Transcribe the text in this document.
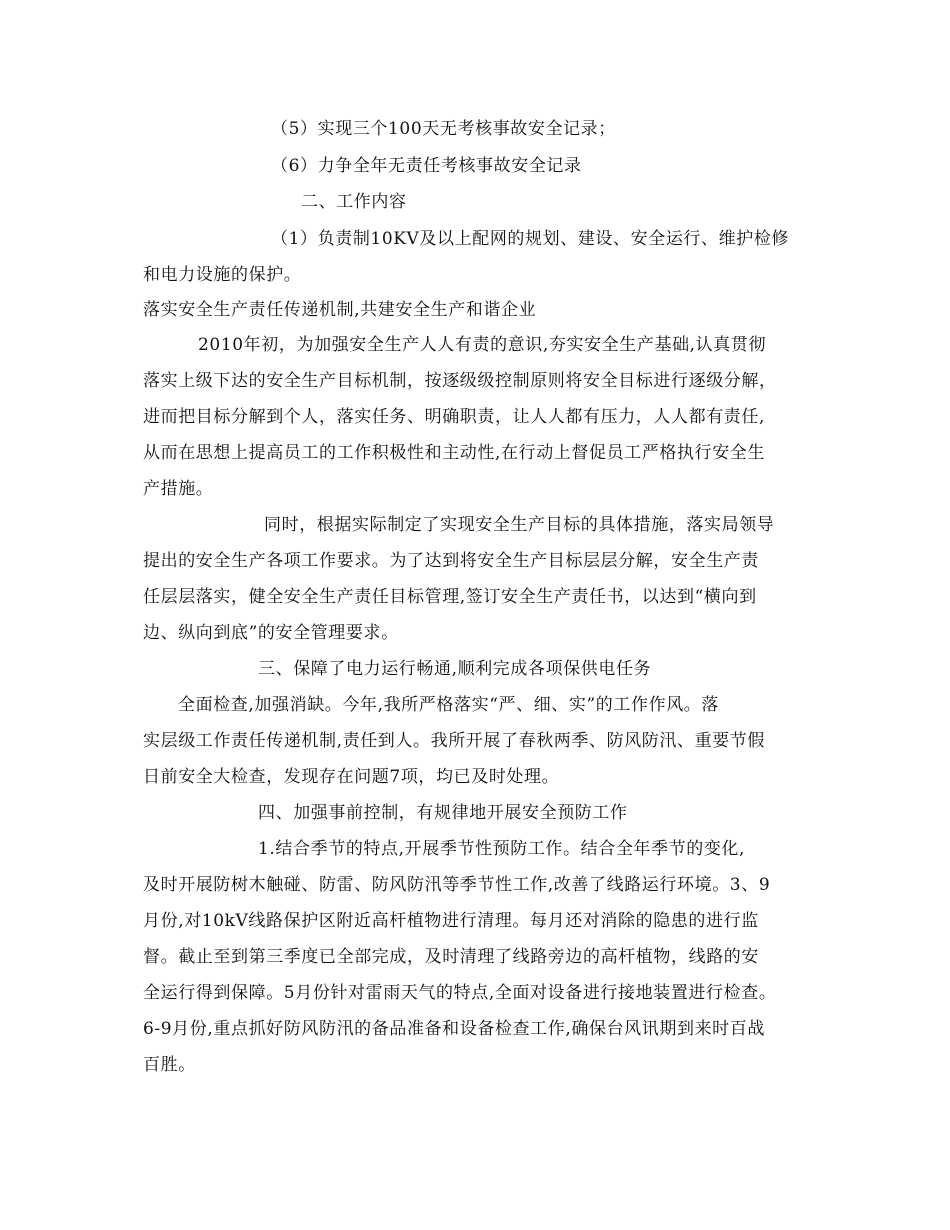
（5）实现三个100天无考核事故安全记录；
（6）力争全年无责任考核事故安全记录
二、工作内容
（1）负责制10KV及以上配网的规划、建设、安全运行、维护检修
和电力设施的保护。
落实安全生产责任传递机制,共建安全生产和谐企业
2010年初，为加强安全生产人人有责的意识,夯实安全生产基础,认真贯彻
落实上级下达的安全生产目标机制，按逐级级控制原则将安全目标进行逐级分解，
进而把目标分解到个人，落实任务、明确职责，让人人都有压力，人人都有责任,
从而在思想上提高员工的工作积极性和主动性,在行动上督促员工严格执行安全生
产措施。
同时，根据实际制定了实现安全生产目标的具体措施，落实局领导
提出的安全生产各项工作要求。为了达到将安全生产目标层层分解，安全生产责
任层层落实，健全安全生产责任目标管理,签订安全生产责任书，以达到“横向到
边、纵向到底”的安全管理要求。
三、保障了电力运行畅通,顺利完成各项保供电任务
全面检查,加强消缺。今年,我所严格落实“严、细、实”的工作作风。落
实层级工作责任传递机制,责任到人。我所开展了春秋两季、防风防汛、重要节假
日前安全大检查，发现存在问题7项，均已及时处理。
四、加强事前控制，有规律地开展安全预防工作
1.结合季节的特点,开展季节性预防工作。结合全年季节的变化,
及时开展防树木触碰、防雷、防风防汛等季节性工作,改善了线路运行环境。3、9
月份,对10kV线路保护区附近高杆植物进行清理。每月还对消除的隐患的进行监
督。截止至到第三季度已全部完成，及时清理了线路旁边的高杆植物，线路的安
全运行得到保障。5月份针对雷雨天气的特点,全面对设备进行接地装置进行检查。
6-9月份,重点抓好防风防汛的备品准备和设备检查工作,确保台风讯期到来时百战
百胜。
